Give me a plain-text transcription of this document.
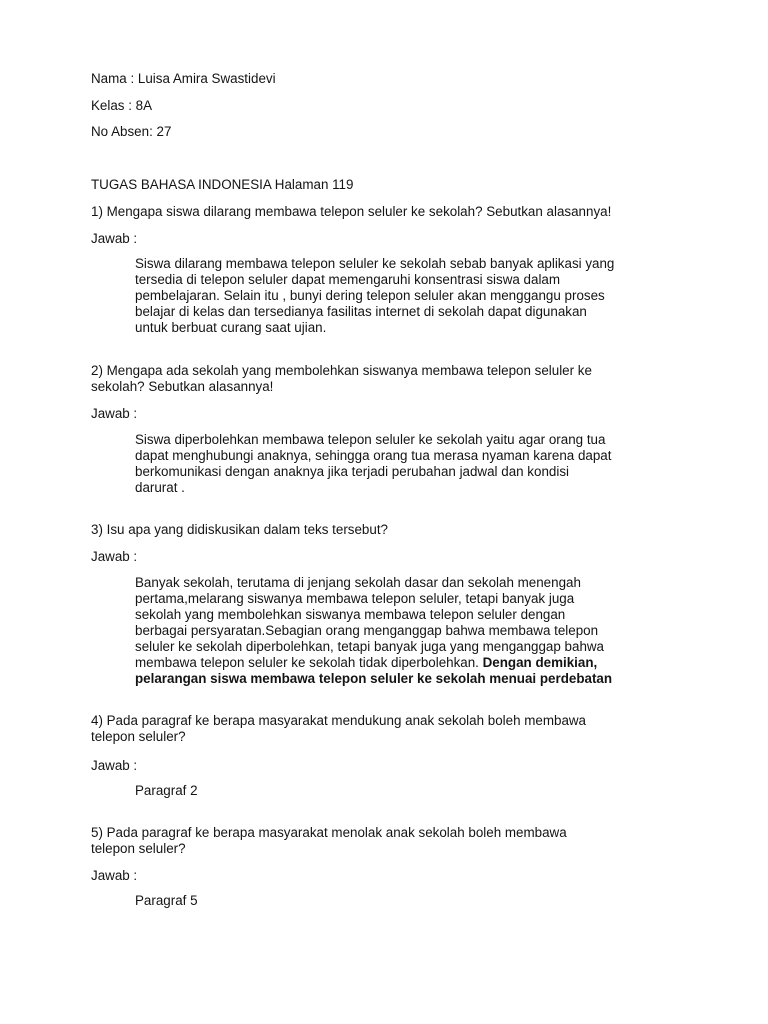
Nama : Luisa Amira Swastidevi
Kelas : 8A
No Absen: 27
TUGAS BAHASA INDONESIA Halaman 119
1) Mengapa siswa dilarang membawa telepon seluler ke sekolah? Sebutkan alasannya!
Jawab :
Siswa dilarang membawa telepon seluler ke sekolah sebab banyak aplikasi yang
tersedia di telepon seluler dapat memengaruhi konsentrasi siswa dalam
pembelajaran. Selain itu , bunyi dering telepon seluler akan menggangu proses
belajar di kelas dan tersedianya fasilitas internet di sekolah dapat digunakan
untuk berbuat curang saat ujian.
2) Mengapa ada sekolah yang membolehkan siswanya membawa telepon seluler ke
sekolah? Sebutkan alasannya!
Jawab :
Siswa diperbolehkan membawa telepon seluler ke sekolah yaitu agar orang tua
dapat menghubungi anaknya, sehingga orang tua merasa nyaman karena dapat
berkomunikasi dengan anaknya jika terjadi perubahan jadwal dan kondisi
darurat .
3) Isu apa yang didiskusikan dalam teks tersebut?
Jawab :
Banyak sekolah, terutama di jenjang sekolah dasar dan sekolah menengah
pertama,melarang siswanya membawa telepon seluler, tetapi banyak juga
sekolah yang membolehkan siswanya membawa telepon seluler dengan
berbagai persyaratan.Sebagian orang menganggap bahwa membawa telepon
seluler ke sekolah diperbolehkan, tetapi banyak juga yang menganggap bahwa
membawa telepon seluler ke sekolah tidak diperbolehkan. Dengan demikian,
pelarangan siswa membawa telepon seluler ke sekolah menuai perdebatan
4) Pada paragraf ke berapa masyarakat mendukung anak sekolah boleh membawa
telepon seluler?
Jawab :
Paragraf 2
5) Pada paragraf ke berapa masyarakat menolak anak sekolah boleh membawa
telepon seluler?
Jawab :
Paragraf 5
